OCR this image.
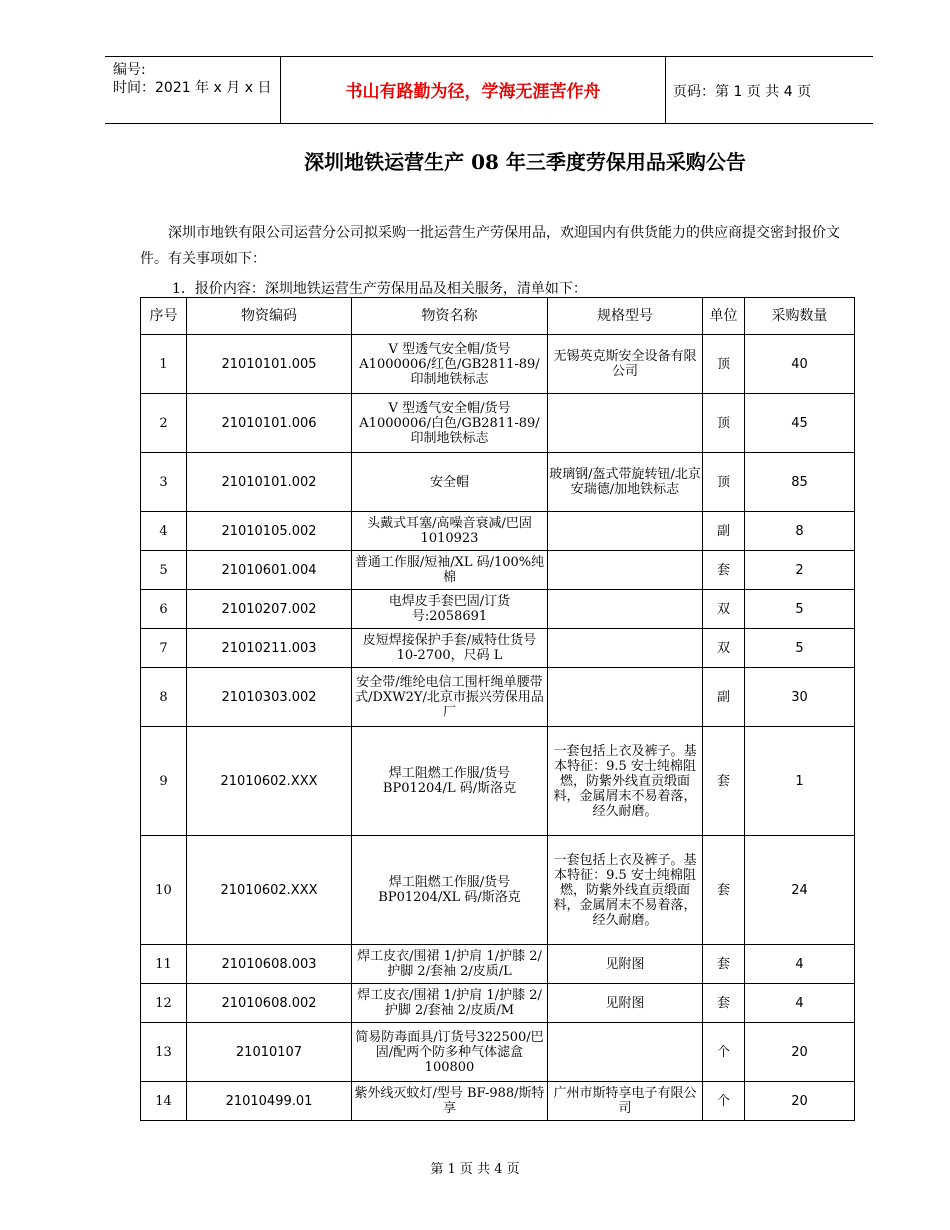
编号:
时间：2021 年 x 月 x 日	书山有路勤为径，学海无涯苦作舟	页码：第 1 页 共 4 页
深圳地铁运营生产 08 年三季度劳保用品采购公告
深圳市地铁有限公司运营分公司拟采购一批运营生产劳保用品，欢迎国内有供货能力的供应商提交密封报价文件。有关事项如下：
1．报价内容：深圳地铁运营生产劳保用品及相关服务，清单如下：
序号	物资编码	物资名称	规格型号	单位	采购数量
1	21010101.005	V 型透气安全帽/货号A1000006/红色/GB2811-89/印制地铁标志	无锡英克斯安全设备有限公司	顶	40
2	21010101.006	V 型透气安全帽/货号A1000006/白色/GB2811-89/印制地铁标志		顶	45
3	21010101.002	安全帽	玻璃钢/盔式带旋转钮/北京安瑞德/加地铁标志	顶	85
4	21010105.002	头戴式耳塞/高噪音衰减/巴固 1010923		副	8
5	21010601.004	普通工作服/短袖/XL 码/100%纯棉		套	2
6	21010207.002	电焊皮手套巴固/订货号:2058691		双	5
7	21010211.003	皮短焊接保护手套/威特仕货号 10-2700，尺码 L		双	5
8	21010303.002	安全带/维纶电信工围杆绳单腰带式/DXW2Y/北京市振兴劳保用品厂		副	30
9	21010602.XXX	焊工阻燃工作服/货号BP01204/L 码/斯洛克	一套包括上衣及裤子。基本特征：9.5 安士纯棉阻燃，防紫外线直贡缎面料，金属屑末不易着落，经久耐磨。	套	1
10	21010602.XXX	焊工阻燃工作服/货号BP01204/XL 码/斯洛克	一套包括上衣及裤子。基本特征：9.5 安士纯棉阻燃，防紫外线直贡缎面料，金属屑末不易着落，经久耐磨。	套	24
11	21010608.003	焊工皮衣/围裙 1/护肩 1/护膝 2/护脚 2/套袖 2/皮质/L	见附图	套	4
12	21010608.002	焊工皮衣/围裙 1/护肩 1/护膝 2/护脚 2/套袖 2/皮质/M	见附图	套	4
13	21010107	简易防毒面具/订货号322500/巴固/配两个防多种气体滤盒 100800		个	20
14	21010499.01	紫外线灭蚊灯/型号 BF-988/斯特享	广州市斯特享电子有限公司	个	20
第 1 页 共 4 页
